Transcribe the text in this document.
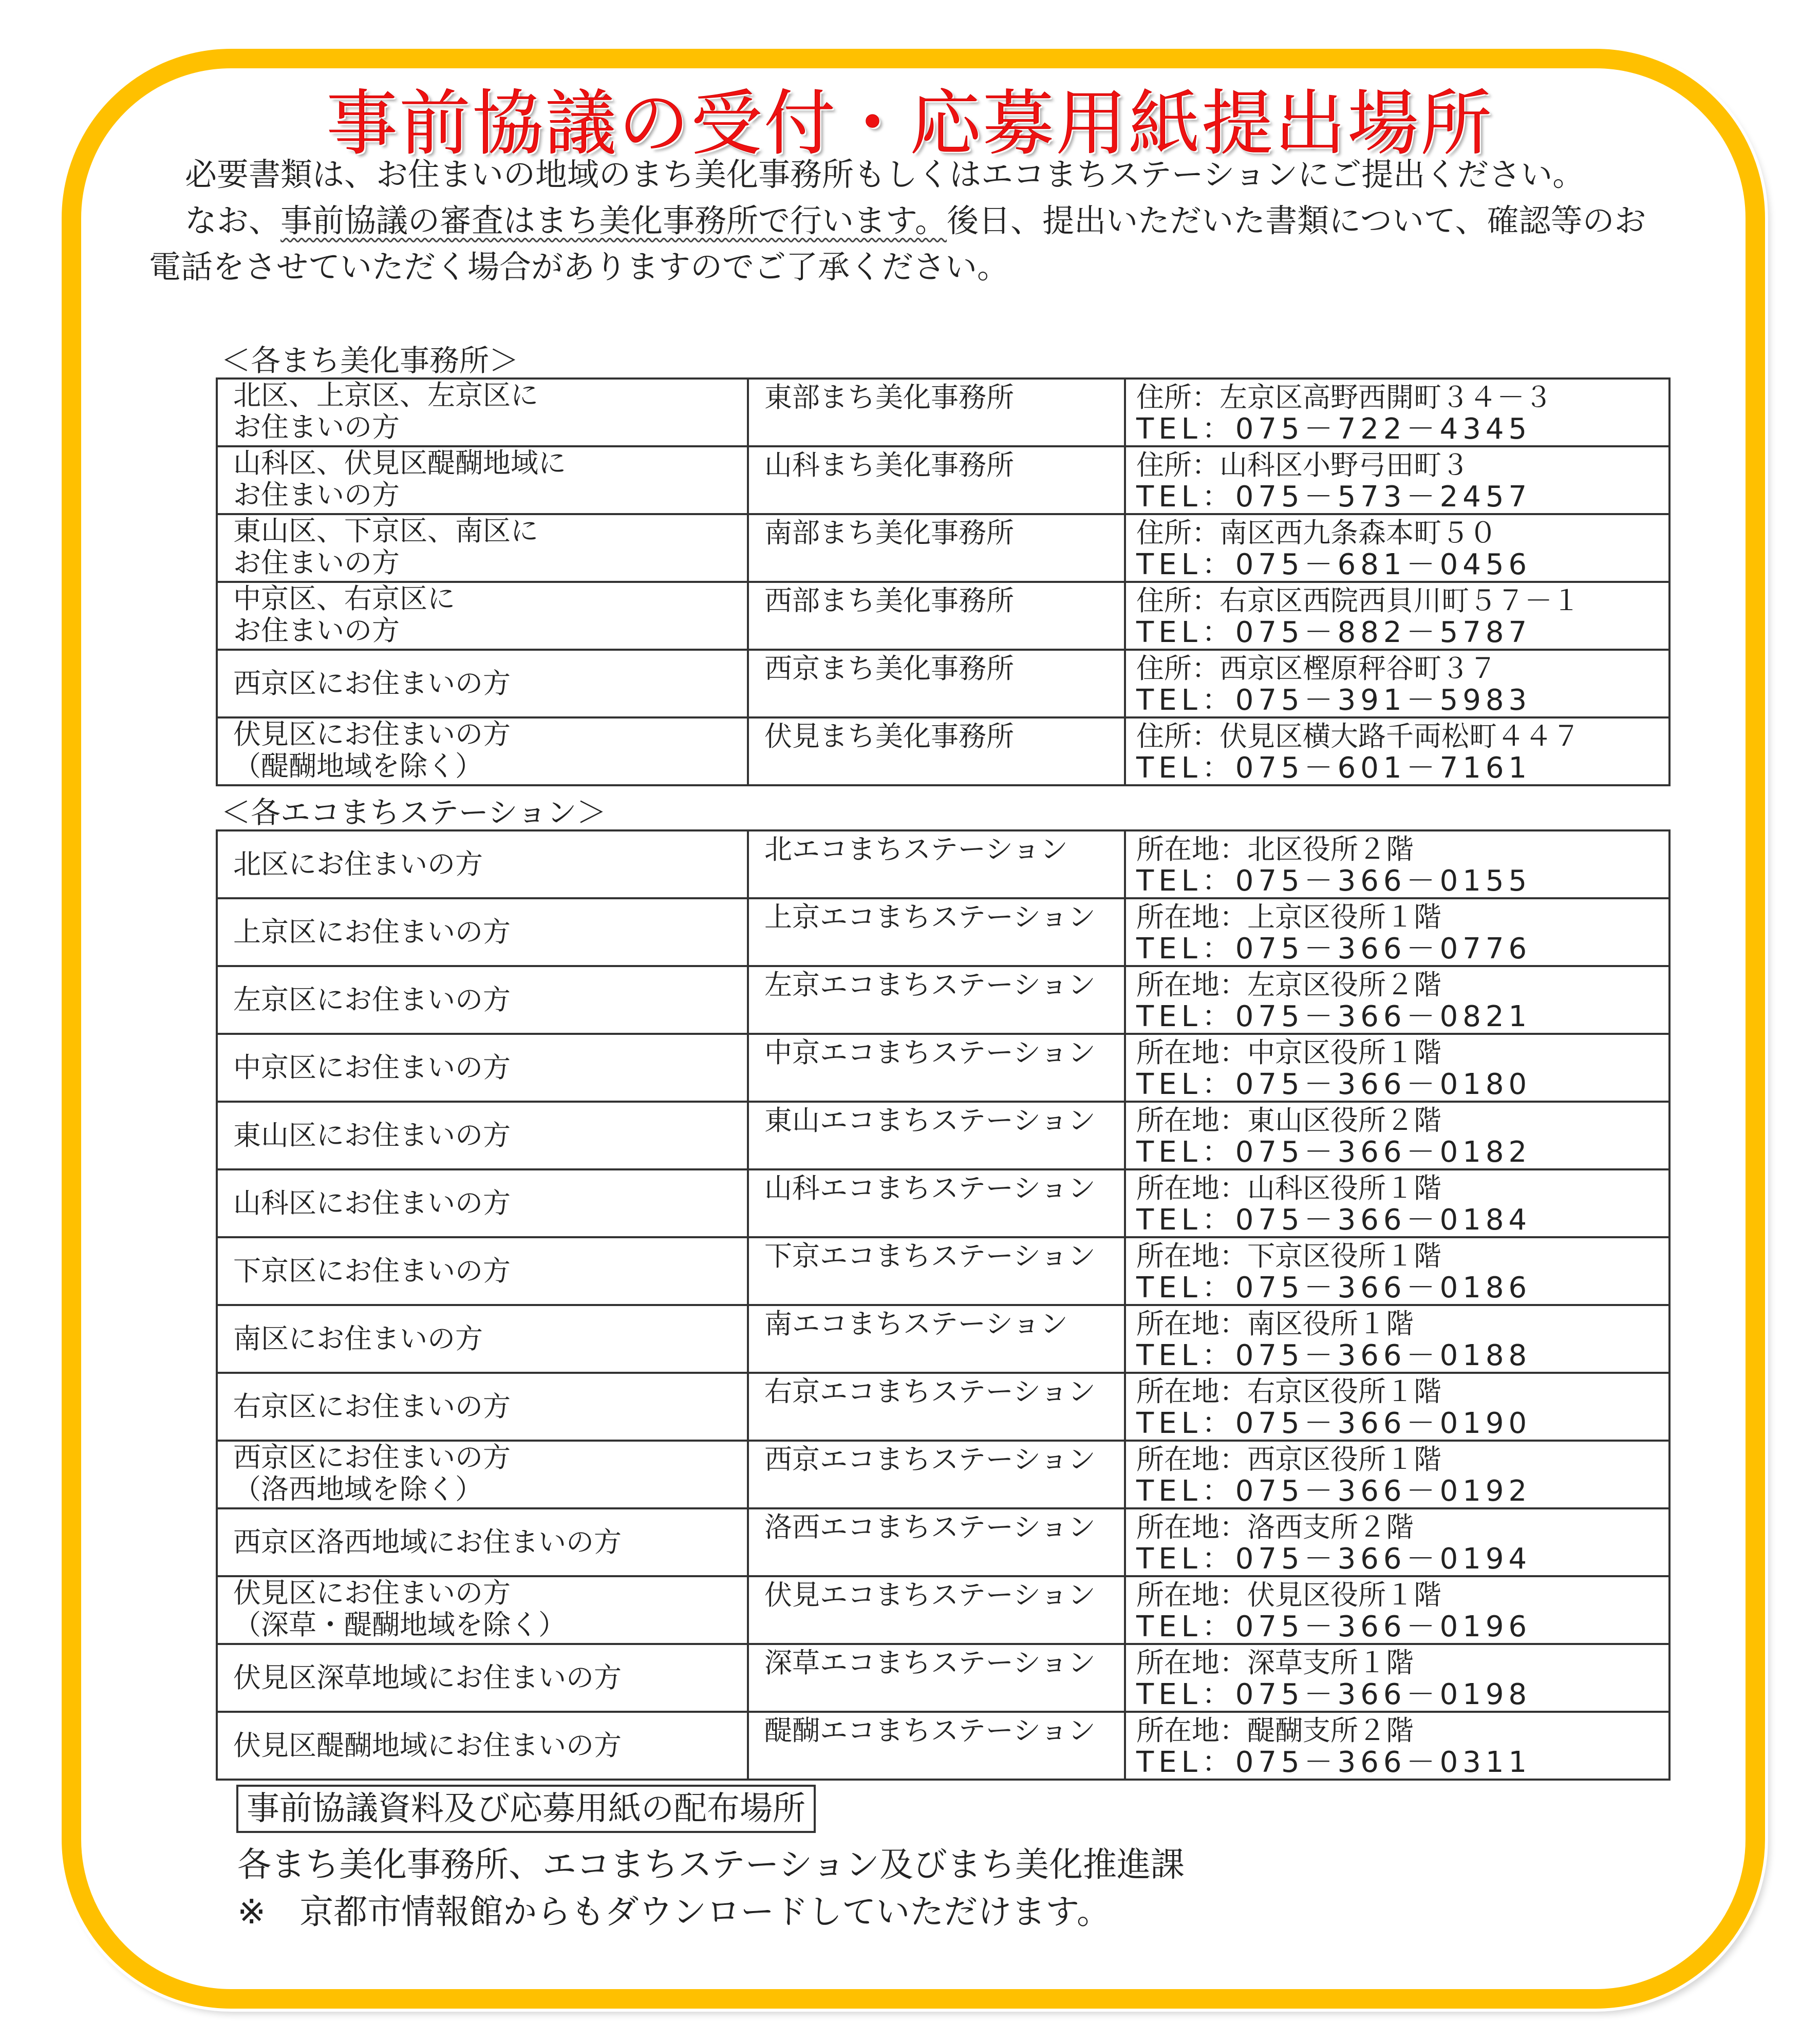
事前協議の受付・応募用紙提出場所

必要書類は、お住まいの地域のまち美化事務所もしくはエコまちステーションにご提出ください。

なお、事前協議の審査はまち美化事務所で行います。後日、提出いただいた書類について、確認等のお電話をさせていただく場合がありますのでご了承ください。

＜各まち美化事務所＞
北区、上京区、左京区に
お住まいの方	東部まち美化事務所	住所：左京区高野西開町３４－３
TEL：075－722－4345

山科区、伏見区醍醐地域に
お住まいの方	山科まち美化事務所	住所：山科区小野弓田町３
TEL：075－573－2457

東山区、下京区、南区に
お住まいの方	南部まち美化事務所	住所：南区西九条森本町５０
TEL：075－681－0456

中京区、右京区に
お住まいの方	西部まち美化事務所	住所：右京区西院西貝川町５７－１
TEL：075－882－5787

西京区にお住まいの方	西京まち美化事務所	住所：西京区樫原秤谷町３７
TEL：075－391－5983

伏見区にお住まいの方
（醍醐地域を除く）	伏見まち美化事務所	住所：伏見区横大路千両松町４４７
TEL：075－601－7161
＜各エコまちステーション＞
北区にお住まいの方	北エコまちステーション	所在地：北区役所２階
TEL：075－366－0155

上京区にお住まいの方	上京エコまちステーション	所在地：上京区役所１階
TEL：075－366－0776

左京区にお住まいの方	左京エコまちステーション	所在地：左京区役所２階
TEL：075－366－0821

中京区にお住まいの方	中京エコまちステーション	所在地：中京区役所１階
TEL：075－366－0180

東山区にお住まいの方	東山エコまちステーション	所在地：東山区役所２階
TEL：075－366－0182

山科区にお住まいの方	山科エコまちステーション	所在地：山科区役所１階
TEL：075－366－0184

下京区にお住まいの方	下京エコまちステーション	所在地：下京区役所１階
TEL：075－366－0186

南区にお住まいの方	南エコまちステーション	所在地：南区役所１階
TEL：075－366－0188

右京区にお住まいの方	右京エコまちステーション	所在地：右京区役所１階
TEL：075－366－0190

西京区にお住まいの方
（洛西地域を除く）	西京エコまちステーション	所在地：西京区役所１階
TEL：075－366－0192

西京区洛西地域にお住まいの方	洛西エコまちステーション	所在地：洛西支所２階
TEL：075－366－0194

伏見区にお住まいの方
（深草・醍醐地域を除く）	伏見エコまちステーション	所在地：伏見区役所１階
TEL：075－366－0196

伏見区深草地域にお住まいの方	深草エコまちステーション	所在地：深草支所１階
TEL：075－366－0198

伏見区醍醐地域にお住まいの方	醍醐エコまちステーション	所在地：醍醐支所２階
TEL：075－366－0311
事前協議資料及び応募用紙の配布場所
各まち美化事務所、エコまちステーション及びまち美化推進課
※　京都市情報館からもダウンロードしていただけます。
